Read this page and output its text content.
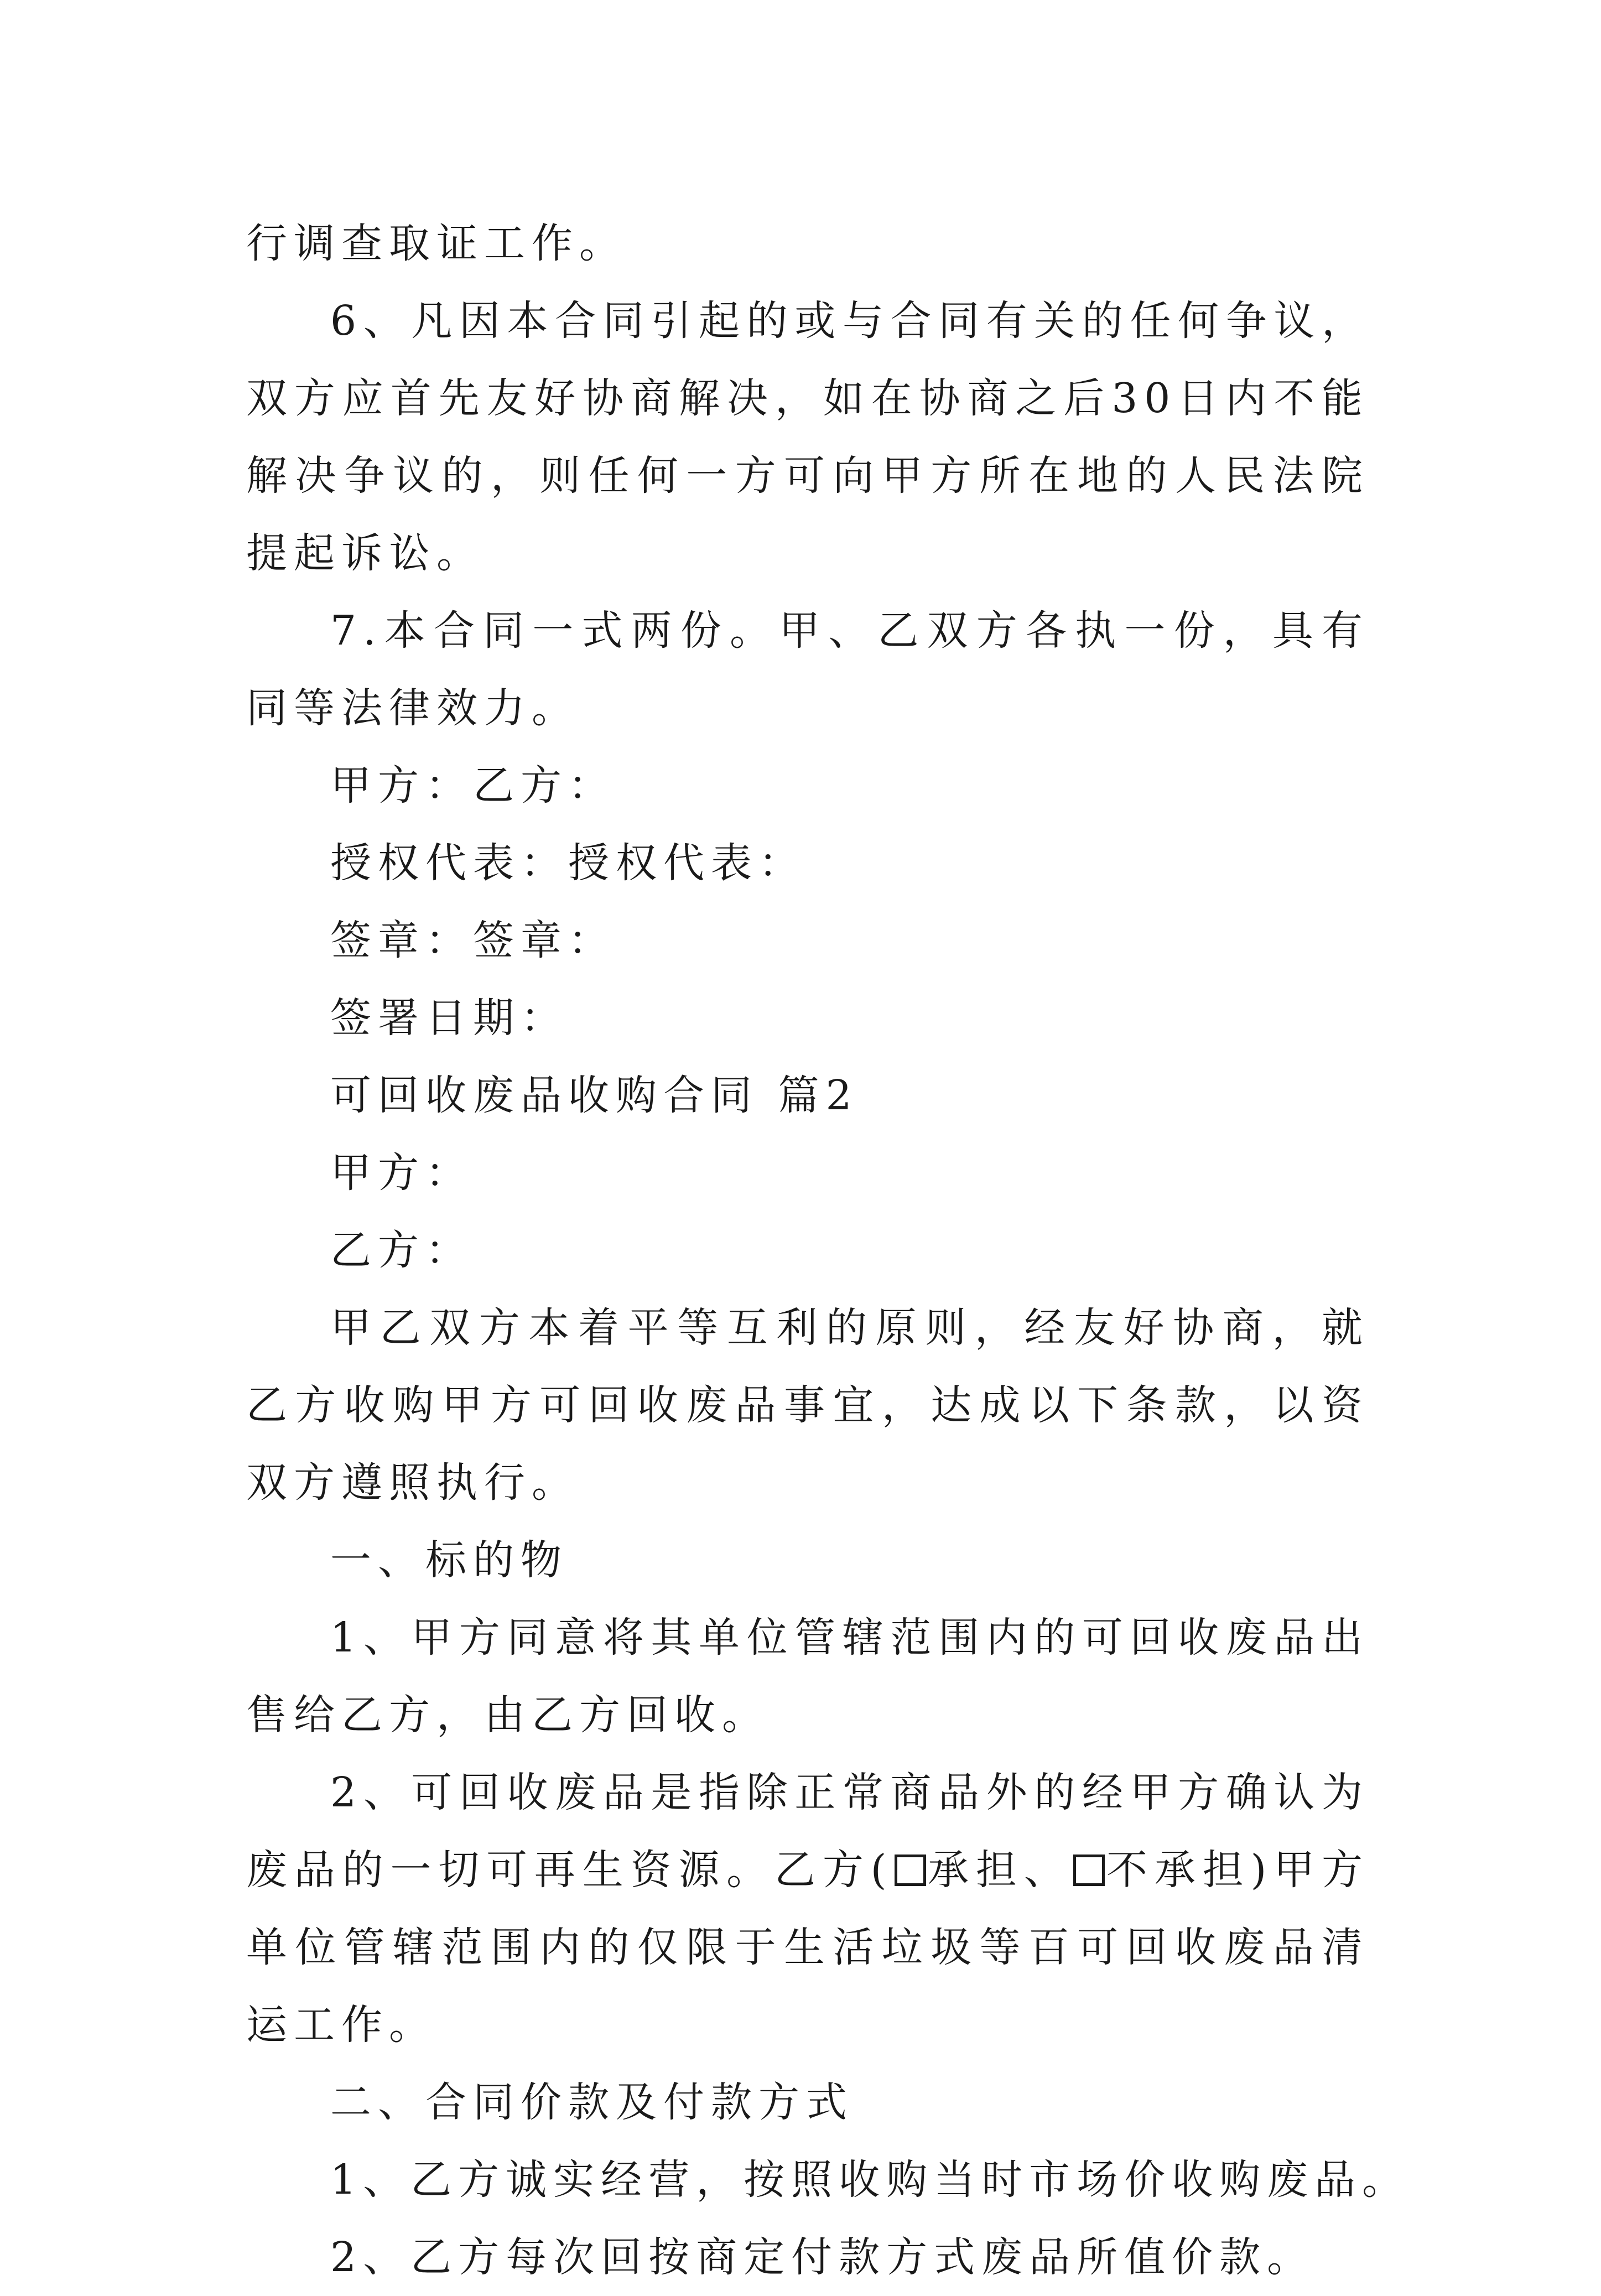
行调查取证工作。

6、凡因本合同引起的或与合同有关的任何争议，双方应首先友好协商解决，如在协商之后30日内不能解决争议的，则任何一方可向甲方所在地的人民法院提起诉讼。

7.本合同一式两份。甲、乙双方各执一份，具有同等法律效力。

甲方：乙方：

授权代表：授权代表：

签章：签章：

签署日期：

可回收废品收购合同 篇2

甲方：

乙方：

甲乙双方本着平等互利的原则，经友好协商，就乙方收购甲方可回收废品事宜，达成以下条款，以资双方遵照执行。

一、标的物

1、甲方同意将其单位管辖范围内的可回收废品出售给乙方，由乙方回收。

2、可回收废品是指除正常商品外的经甲方确认为废品的一切可再生资源。乙方( 承担、 不承担)甲方单位管辖范围内的仅限于生活垃圾等百可回收废品清运工作。

二、合同价款及付款方式

1、乙方诚实经营，按照收购当时市场价收购废品。

2、乙方每次回按商定付款方式废品所值价款。
